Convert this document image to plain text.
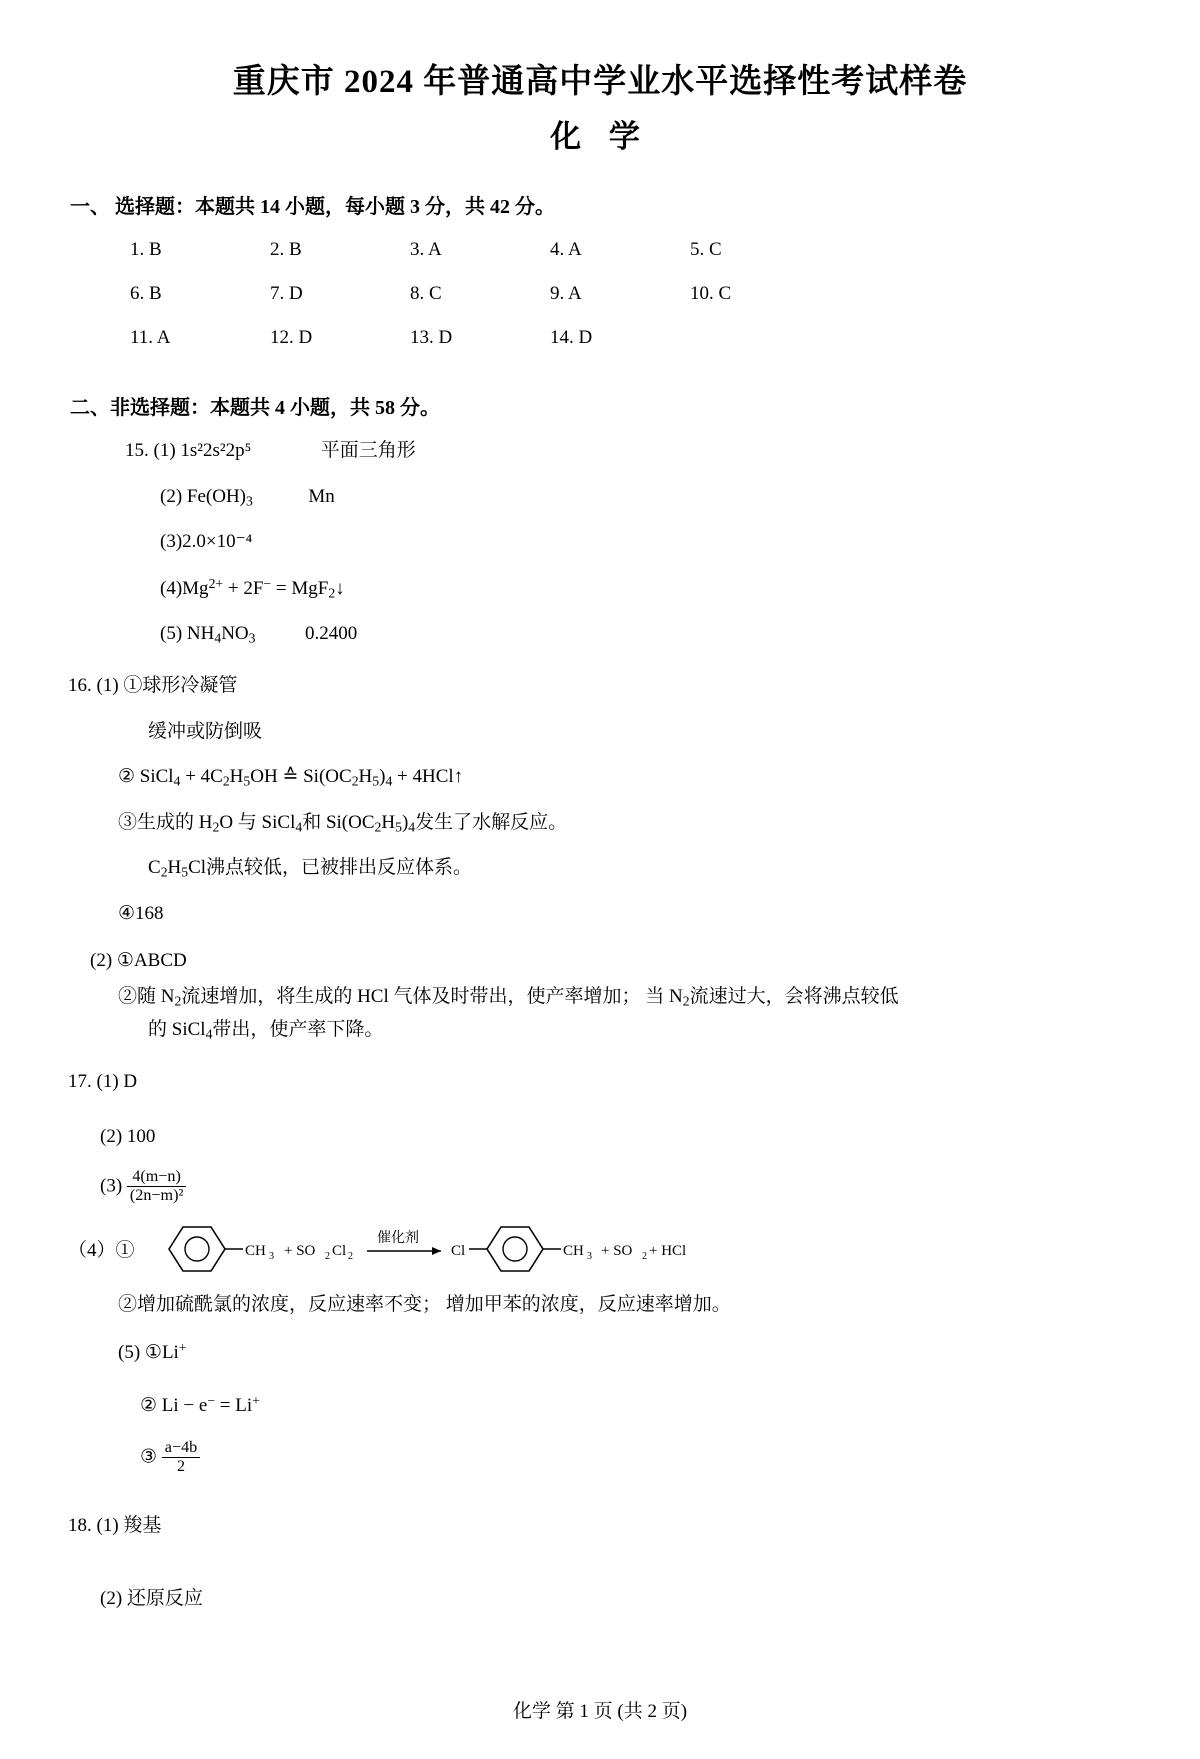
重庆市 2024 年普通高中学业水平选择性考试样卷
化 学
一、 选择题：本题共 14 小题，每小题 3 分，共 42 分。
1. B	2. B	3. A	4. A	5. C
6. B	7. D	8. C	9. A	10. C
11. A	12. D	13. D	14. D
二、非选择题：本题共 4 小题，共 58 分。
15. (1) 1s²2s²2p⁵	平面三角形
(2) $Fe(OH)_3$	Mn
(3)2.0×10⁻⁴
$(4)Mg^{2+} + 2F^-$ = MgF$_2$↓
(5) $NH_4NO_3$	0.2400
16. (1) ①球形冷凝管
缓冲或防倒吸
② SiCl$_4$ + $4C_2H_5OH$ ≙ $Si(OC_2H_5)_4$ + 4HCl↑
③生成的 $H_2O$ 与 SiCl$_4$和 $Si(OC_2H_5)_4$发生了水解反应。
$C_2H_5Cl$沸点较低，已被排出反应体系。
④168
(2) ①ABCD
②随 $N_2$流速增加，将生成的 HCl 气体及时带出，使产率增加； 当 $N_2$流速过大，会将沸点较低
的 SiCl$_4$带出，使产率下降。
17. (1) D
(2) 100
$(3) \frac{4(m-n)}{\text{(2n−m)²}}$
（4）①	CH 3 + SO 2 Cl 2
催化剂
Cl	CH 3 + SO 2 + HCl
②增加硫酰氯的浓度，反应速率不变； 增加甲苯的浓度，反应速率增加。
(5) ①Li+
② Li − e− = Li+
③ $\frac{a-4b}{2}$
18. (1) 羧基
(2) 还原反应
化学 第 1 页 (共 2 页)
